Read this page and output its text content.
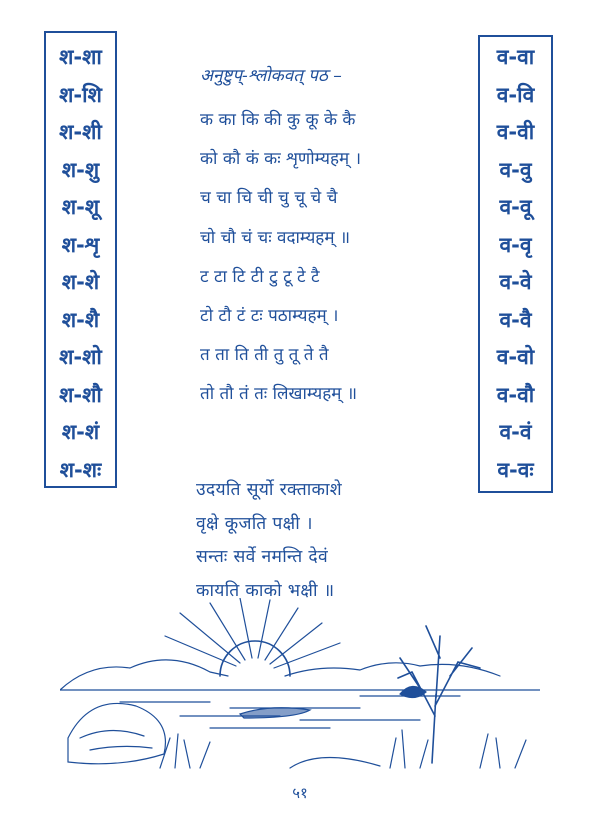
श-शा
श-शि
श-शी
श-शु
श-शू
श-शृ
श-शे
श-शै
श-शो
श-शौ
श-शं
श-शः
व-वा
व-वि
व-वी
व-वु
व-वू
व-वृ
व-वे
व-वै
व-वो
व-वौ
व-वं
व-वः
अनुष्टुप्-श्लोकवत् पठ –
क का कि की कु कू के कै
को कौ कं कः शृणोम्यहम् ।
च चा चि ची चु चू चे चै
चो चौ चं चः वदाम्यहम् ॥
ट टा टि टी टु टू टे टै
टो टौ टं टः पठाम्यहम् ।
त ता ति ती तु तू ते तै
तो तौ तं तः लिखाम्यहम् ॥
उदयति सूर्यो रक्ताकाशे
वृक्षे कूजति पक्षी ।
सन्तः सर्वे नमन्ति देवं
कायति काको भक्षी ॥
५१
